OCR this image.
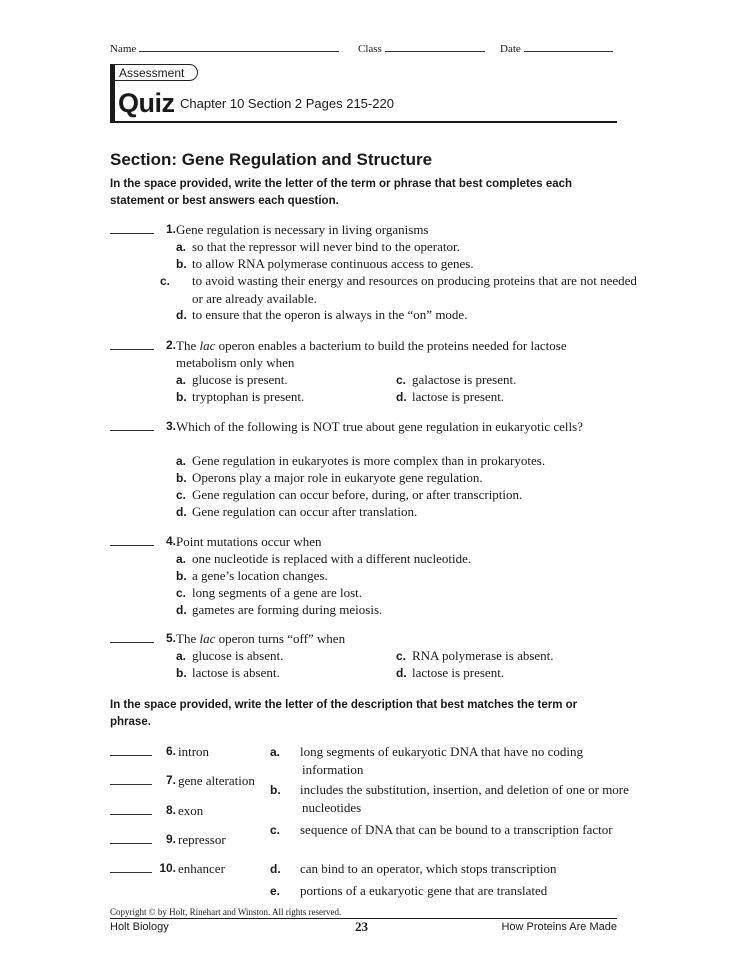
Name	Class	Date
Assessment
Quiz Chapter 10 Section 2 Pages 215-220
Section: Gene Regulation and Structure
In the space provided, write the letter of the term or phrase that best completes each statement or best answers each question.
1. Gene regulation is necessary in living organisms
a. so that the repressor will never bind to the operator.
b. to allow RNA polymerase continuous access to genes.
c. to avoid wasting their energy and resources on producing proteins that are not needed or are already available.
d. to ensure that the operon is always in the “on” mode.
2. The lac operon enables a bacterium to build the proteins needed for lactose metabolism only when
a. glucose is present.
b. tryptophan is present.
c. galactose is present.
d. lactose is present.
3. Which of the following is NOT true about gene regulation in eukaryotic cells?
a. Gene regulation in eukaryotes is more complex than in prokaryotes.
b. Operons play a major role in eukaryote gene regulation.
c. Gene regulation can occur before, during, or after transcription.
d. Gene regulation can occur after translation.
4. Point mutations occur when
a. one nucleotide is replaced with a different nucleotide.
b. a gene’s location changes.
c. long segments of a gene are lost.
d. gametes are forming during meiosis.
5. The lac operon turns “off” when
a. glucose is absent.
b. lactose is absent.
c. RNA polymerase is absent.
d. lactose is present.
In the space provided, write the letter of the description that best matches the term or phrase.
6. intron
7. gene alteration
8. exon
9. repressor
10. enhancer
a. long segments of eukaryotic DNA that have no coding information
b. includes the substitution, insertion, and deletion of one or more nucleotides
c. sequence of DNA that can be bound to a transcription factor
d. can bind to an operator, which stops transcription
e. portions of a eukaryotic gene that are translated
Copyright © by Holt, Rinehart and Winston. All rights reserved.
Holt Biology	23	How Proteins Are Made
